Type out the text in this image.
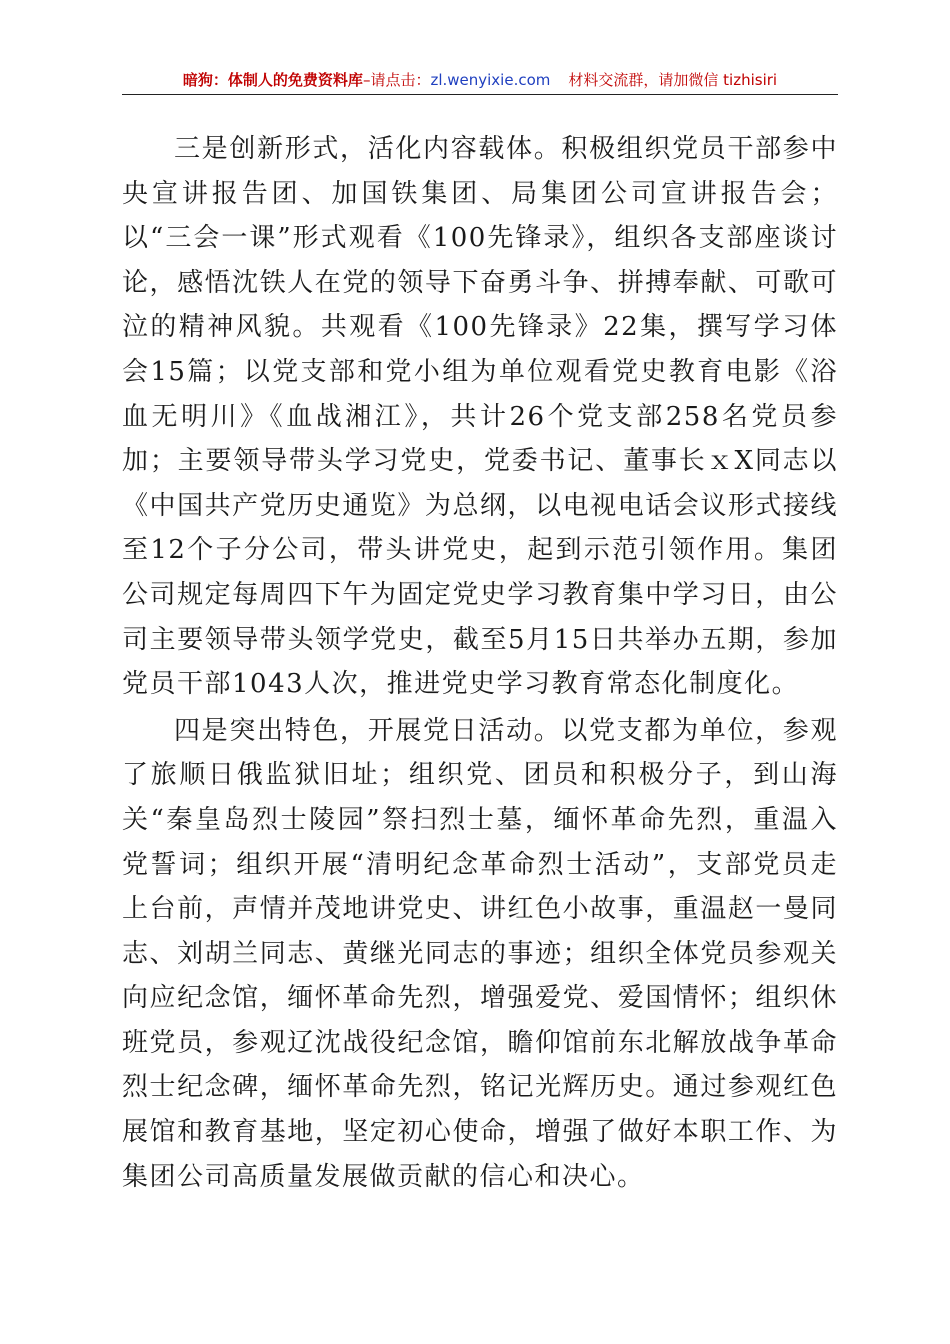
暗狗：体制人的免费资料库–请点击：zl.wenyixie.com 材料交流群，请加微信 tizhisiri

三是创新形式，活化内容载体。积极组织党员干部参中央宣讲报告团、加国铁集团、局集团公司宣讲报告会；以“三会一课”形式观看《100先锋录》，组织各支部座谈讨论，感悟沈铁人在党的领导下奋勇斗争、拼搏奉献、可歌可泣的精神风貌。共观看《100先锋录》22集，撰写学习体会15篇；以党支部和党小组为单位观看党史教育电影《浴血无明川》《血战湘江》，共计26个党支部258名党员参加；主要领导带头学习党史，党委书记、董事长ｘX同志以《中国共产党历史通览》为总纲，以电视电话会议形式接线至12个子分公司，带头讲党史，起到示范引领作用。集团公司规定每周四下午为固定党史学习教育集中学习日，由公司主要领导带头领学党史，截至5月15日共举办五期，参加党员干部1043人次，推进党史学习教育常态化制度化。

四是突出特色，开展党日活动。以党支都为单位，参观了旅顺日俄监狱旧址；组织党、团员和积极分子，到山海关“秦皇岛烈士陵园”祭扫烈士墓，缅怀革命先烈，重温入党誓词；组织开展“清明纪念革命烈士活动”，支部党员走上台前，声情并茂地讲党史、讲红色小故事，重温赵一曼同志、刘胡兰同志、黄继光同志的事迹；组织全体党员参观关向应纪念馆，缅怀革命先烈，增强爱党、爱国情怀；组织休班党员，参观辽沈战役纪念馆，瞻仰馆前东北解放战争革命烈士纪念碑，缅怀革命先烈，铭记光辉历史。通过参观红色展馆和教育基地，坚定初心使命，增强了做好本职工作、为集团公司高质量发展做贡献的信心和决心。
